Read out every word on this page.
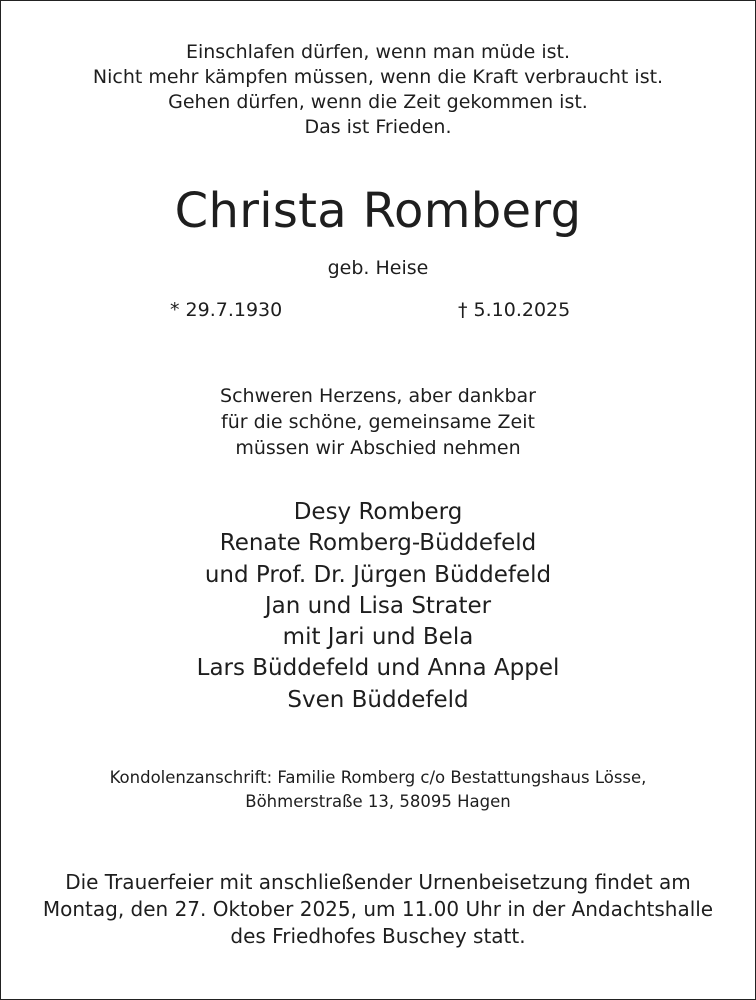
Einschlafen dürfen, wenn man müde ist.
Nicht mehr kämpfen müssen, wenn die Kraft verbraucht ist.
Gehen dürfen, wenn die Zeit gekommen ist.
Das ist Frieden.
Christa Romberg
geb. Heise
* 29.7.1930	† 5.10.2025
Schweren Herzens, aber dankbar
für die schöne, gemeinsame Zeit
müssen wir Abschied nehmen
Desy Romberg
Renate Romberg-Büddefeld
und Prof. Dr. Jürgen Büddefeld
Jan und Lisa Strater
mit Jari und Bela
Lars Büddefeld und Anna Appel
Sven Büddefeld
Kondolenzanschrift: Familie Romberg c/o Bestattungshaus Lösse,
Böhmerstraße 13, 58095 Hagen
Die Trauerfeier mit anschließender Urnenbeisetzung findet am
Montag, den 27. Oktober 2025, um 11.00 Uhr in der Andachtshalle
des Friedhofes Buschey statt.
